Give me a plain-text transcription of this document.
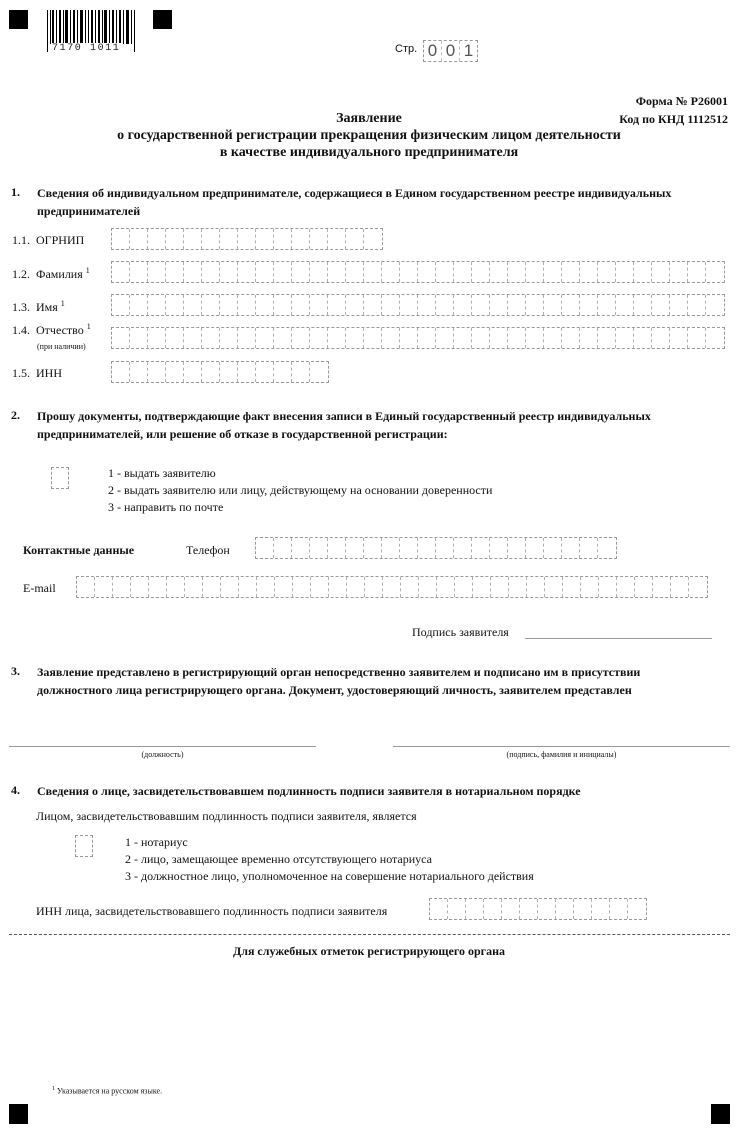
7170 1011	Стр. 0 0 1
Форма № Р26001
Код по КНД 1112512
Заявление
о государственной регистрации прекращения физическим лицом деятельности
в качестве индивидуального предпринимателя
1. Сведения об индивидуальном предпринимателе, содержащиеся в Едином государственном реестре индивидуальных
предпринимателей
1.1. ОГРНИП
1.2. Фамилия $^1$
1.3. Имя $^1$
1.4. Отчество $^1$
(при наличии)
1.5. ИНН
2. Прошу документы, подтверждающие факт внесения записи в Единый государственный реестр индивидуальных
предпринимателей, или решение об отказе в государственной регистрации:
1 - выдать заявителю
2 - выдать заявителю или лицу, действующему на основании доверенности
3 - направить по почте
Контактные данные	Телефон
E-mail
Подпись заявителя
3. Заявление представлено в регистрирующий орган непосредственно заявителем и подписано им в присутствии
должностного лица регистрирующего органа. Документ, удостоверяющий личность, заявителем представлен
(должность)	(подпись, фамилия и инициалы)
4. Сведения о лице, засвидетельствовавшем подлинность подписи заявителя в нотариальном порядке
Лицом, засвидетельствовавшим подлинность подписи заявителя, является
1 - нотариус
2 - лицо, замещающее временно отсутствующего нотариуса
3 - должностное лицо, уполномоченное на совершение нотариального действия
ИНН лица, засвидетельствовавшего подлинность подписи заявителя
Для служебных отметок регистрирующего органа
$^1$ Указывается на русском языке.
